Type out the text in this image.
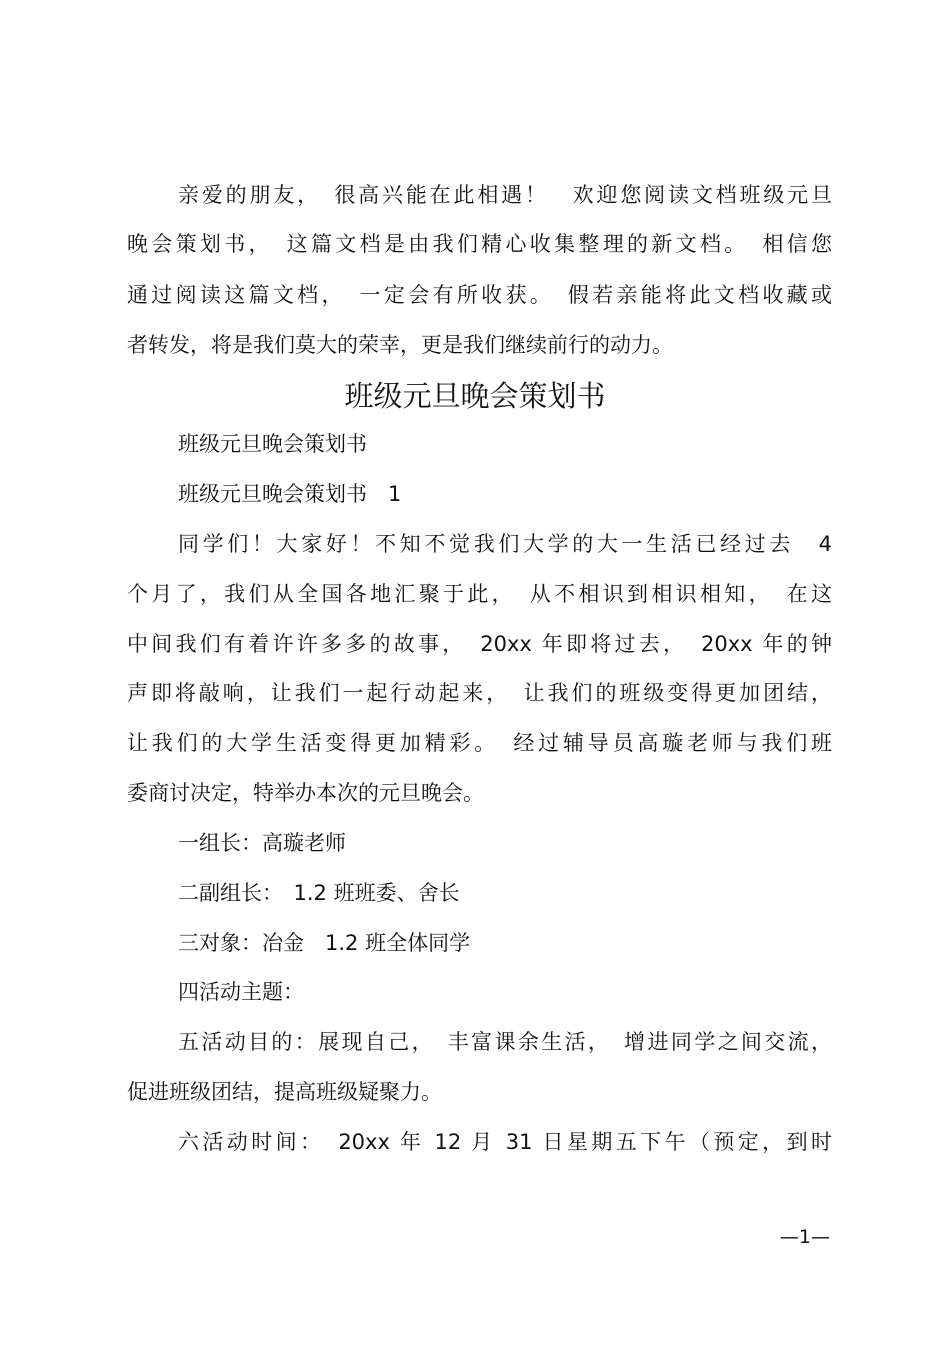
亲爱的朋友，　很高兴能在此相遇！　欢迎您阅读文档班级元旦
晚会策划书，　这篇文档是由我们精心收集整理的新文档。　相信您
通过阅读这篇文档，　一定会有所收获。　假若亲能将此文档收藏或
者转发，将是我们莫大的荣幸，更是我们继续前行的动力。
班级元旦晚会策划书
班级元旦晚会策划书
班级元旦晚会策划书　1
同学们！大家好！不知不觉我们大学的大一生活已经过去　4
个月了，我们从全国各地汇聚于此，　从不相识到相识相知，　在这
中间我们有着许许多多的故事，　20xx 年即将过去，　20xx 年的钟
声即将敲响，让我们一起行动起来，　让我们的班级变得更加团结，
让我们的大学生活变得更加精彩。　经过辅导员高璇老师与我们班
委商讨决定，特举办本次的元旦晚会。
一组长：高璇老师
二副组长：　1.2 班班委、舍长
三对象：冶金　1.2 班全体同学
四活动主题：
五活动目的：展现自己，　丰富课余生活，　增进同学之间交流，
促进班级团结，提高班级疑聚力。
六活动时间：　20xx 年 12 月 31 日星期五下午（预定，到时
—1—
